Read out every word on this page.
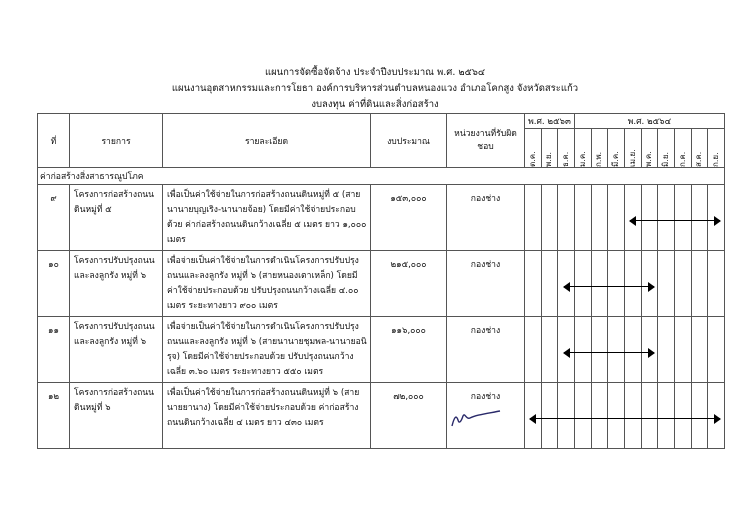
แผนการจัดซื้อจัดจ้าง ประจำปีงบประมาณ พ.ศ. ๒๕๖๔
แผนงานอุตสาหกรรมและการโยธา องค์การบริหารส่วนตำบลหนองแวง อำเภอโคกสูง จังหวัดสระแก้ว
งบลงทุน ค่าที่ดินและสิ่งก่อสร้าง
ที่	รายการ	รายละเอียด	งบประมาณ	หน่วยงานที่รับผิดชอบ	พ.ศ. ๒๕๖๓			พ.ศ. ๒๕๖๔								

					ต.ค.	พ.ย.	ธ.ค.	ม.ค.	ก.พ.	มี.ค.	เม.ย.	พ.ค.	มิ.ย.	ก.ค.	ส.ค.	ก.ย.

ค่าก่อสร้างสิ่งสาธารณูปโภค																
๙	โครงการก่อสร้างถนนดินหมู่ที่ ๕	เพื่อเป็นค่าใช้จ่ายในการก่อสร้างถนนดินหมู่ที่ ๕ (สายนานายบุญเริง-นานายจ้อย) โดยมีค่าใช้จ่ายประกอบด้วย ค่าก่อสร้างถนนดินกว้างเฉลี่ย ๕ เมตร ยาว ๑,๐๐๐ เมตร	๑๕๓,๐๐๐	กองช่าง												
๑๐	โครงการปรับปรุงถนนและลงลูกรัง หมู่ที่ ๖	เพื่อจ่ายเป็นค่าใช้จ่ายในการดำเนินโครงการปรับปรุงถนนและลงลูกรัง หมู่ที่ ๖ (สายหนองเตาเหล็ก) โดยมีค่าใช้จ่ายประกอบด้วย ปรับปรุงถนนกว้างเฉลี่ย ๔.๐๐ เมตร ระยะทางยาว ๙๐๐ เมตร	๒๑๕,๐๐๐	กองช่าง												
๑๑	โครงการปรับปรุงถนนและลงลูกรัง หมู่ที่ ๖	เพื่อจ่ายเป็นค่าใช้จ่ายในการดำเนินโครงการปรับปรุงถนนและลงลูกรัง หมู่ที่ ๖ (สายนานายชุมพล-นานายอนิรุจ) โดยมีค่าใช้จ่ายประกอบด้วย ปรับปรุงถนนกว้างเฉลี่ย ๓.๖๐ เมตร ระยะทางยาว ๕๕๐ เมตร	๑๑๖,๐๐๐	กองช่าง												
๑๒	โครงการก่อสร้างถนนดินหมู่ที่ ๖	เพื่อเป็นค่าใช้จ่ายในการก่อสร้างถนนดินหมู่ที่ ๖ (สายนายยานาง) โดยมีค่าใช้จ่ายประกอบด้วย ค่าก่อสร้างถนนดินกว้างเฉลี่ย ๔ เมตร ยาว ๔๓๐ เมตร	๗๒,๐๐๐	กองช่าง												
